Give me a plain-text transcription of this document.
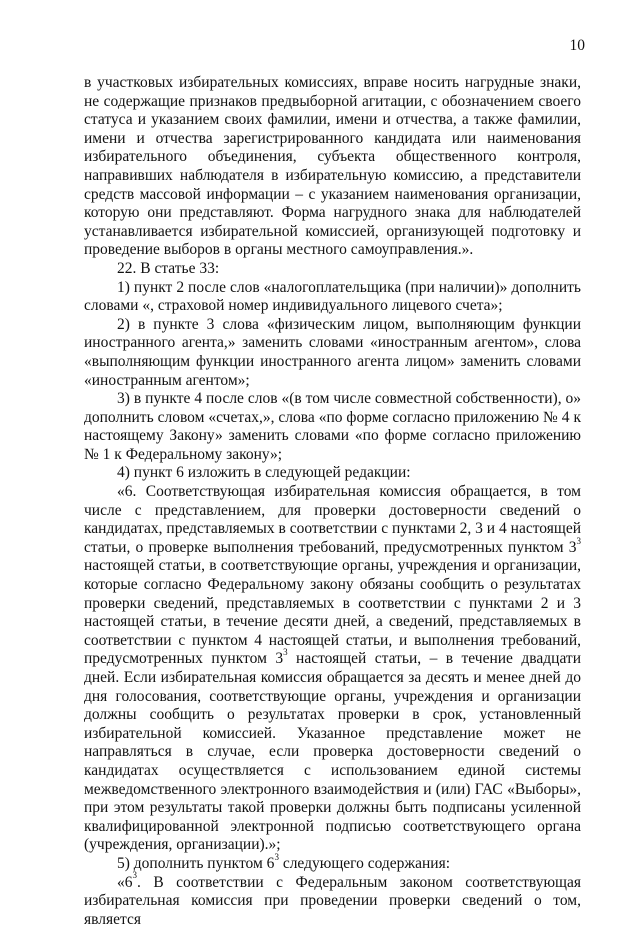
10

в участковых избирательных комиссиях, вправе носить нагрудные знаки, не содержащие признаков предвыборной агитации, с обозначением своего статуса и указанием своих фамилии, имени и отчества, а также фамилии, имени и отчества зарегистрированного кандидата или наименования избирательного объединения, субъекта общественного контроля, направивших наблюдателя в избирательную комиссию, а представители средств массовой информации – с указанием наименования организации, которую они представляют. Форма нагрудного знака для наблюдателей устанавливается избирательной комиссией, организующей подготовку и проведение выборов в органы местного самоуправления.».

22. В статье 33:

1) пункт 2 после слов «налогоплательщика (при наличии)» дополнить словами «, страховой номер индивидуального лицевого счета»;

2) в пункте 3 слова «физическим лицом, выполняющим функции иностранного агента,» заменить словами «иностранным агентом», слова «выполняющим функции иностранного агента лицом» заменить словами «иностранным агентом»;

3) в пункте 4 после слов «(в том числе совместной собственности), о» дополнить словом «счетах,», слова «по форме согласно приложению № 4 к настоящему Закону» заменить словами «по форме согласно приложению № 1 к Федеральному закону»;

4) пункт 6 изложить в следующей редакции:

«6. Соответствующая избирательная комиссия обращается, в том числе с представлением, для проверки достоверности сведений о кандидатах, представляемых в соответствии с пунктами 2, 3 и 4 настоящей статьи, о проверке выполнения требований, предусмотренных пунктом $3^3$ настоящей статьи, в соответствующие органы, учреждения и организации, которые согласно Федеральному закону обязаны сообщить о результатах проверки сведений, представляемых в соответствии с пунктами 2 и 3 настоящей статьи, в течение десяти дней, а сведений, представляемых в соответствии с пунктом 4 настоящей статьи, и выполнения требований, предусмотренных пунктом $3^3$ настоящей статьи, – в течение двадцати дней. Если избирательная комиссия обращается за десять и менее дней до дня голосования, соответствующие органы, учреждения и организации должны сообщить о результатах проверки в срок, установленный избирательной комиссией. Указанное представление может не направляться в случае, если проверка достоверности сведений о кандидатах осуществляется с использованием единой системы межведомственного электронного взаимодействия и (или) ГАС «Выборы», при этом результаты такой проверки должны быть подписаны усиленной квалифицированной электронной подписью соответствующего органа (учреждения, организации).»;

5) дополнить пунктом $6^3$ следующего содержания:

«$6^3$. В соответствии с Федеральным законом соответствующая избирательная комиссия при проведении проверки сведений о том, является
